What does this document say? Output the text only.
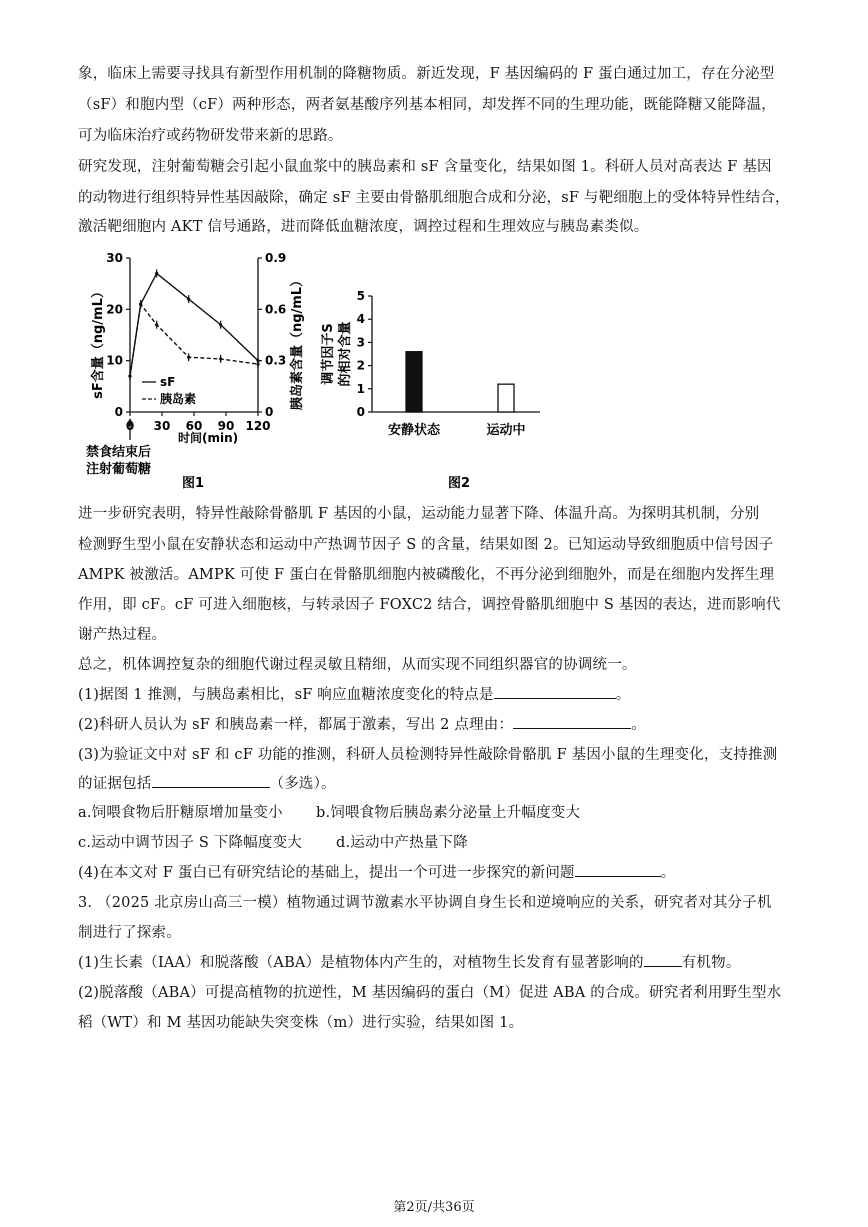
象，临床上需要寻找具有新型作用机制的降糖物质。新近发现，F 基因编码的 F 蛋白通过加工，存在分泌型
（sF）和胞内型（cF）两种形态，两者氨基酸序列基本相同，却发挥不同的生理功能，既能降糖又能降温，
可为临床治疗或药物研发带来新的思路。
研究发现，注射葡萄糖会引起小鼠血浆中的胰岛素和 sF 含量变化，结果如图 1。科研人员对高表达 F 基因
的动物进行组织特异性基因敲除，确定 sF 主要由骨骼肌细胞合成和分泌，sF 与靶细胞上的受体特异性结合，
激活靶细胞内 AKT 信号通路，进而降低血糖浓度，调控过程和生理效应与胰岛素类似。
0
10
20
30
0
0.3
0.6
0.9
30 60 90 120
sF含量（ng/mL）	胰岛素含量（ng/mL）
sF
胰岛素
时间(min)
禁食结束后
注射葡萄糖
图1
0
1
2
3
4
5
安静状态	运动中
调节因子S 的相对含量
图2
进一步研究表明，特异性敲除骨骼肌 F 基因的小鼠，运动能力显著下降、体温升高。为探明其机制，分别
检测野生型小鼠在安静状态和运动中产热调节因子 S 的含量，结果如图 2。已知运动导致细胞质中信号因子
AMPK 被激活。AMPK 可使 F 蛋白在骨骼肌细胞内被磷酸化，不再分泌到细胞外，而是在细胞内发挥生理
作用，即 cF。cF 可进入细胞核，与转录因子 FOXC2 结合，调控骨骼肌细胞中 S 基因的表达，进而影响代
谢产热过程。
总之，机体调控复杂的细胞代谢过程灵敏且精细，从而实现不同组织器官的协调统一。
(1)据图 1 推测，与胰岛素相比，sF 响应血糖浓度变化的特点是	。
(2)科研人员认为 sF 和胰岛素一样，都属于激素，写出 2 点理由：	。
(3)为验证文中对 sF 和 cF 功能的推测，科研人员检测特异性敲除骨骼肌 F 基因小鼠的生理变化，支持推测
的证据包括	（多选）。
a.饲喂食物后肝糖原增加量变小 b.饲喂食物后胰岛素分泌量上升幅度变大
c.运动中调节因子 S 下降幅度变大 d.运动中产热量下降
(4)在本文对 F 蛋白已有研究结论的基础上，提出一个可进一步探究的新问题	。
3. （2025 北京房山高三一模）植物通过调节激素水平协调自身生长和逆境响应的关系，研究者对其分子机
制进行了探索。
(1)生长素（IAA）和脱落酸（ABA）是植物体内产生的，对植物生长发育有显著影响的	有机物。
(2)脱落酸（ABA）可提高植物的抗逆性，M 基因编码的蛋白（M）促进 ABA 的合成。研究者利用野生型水
稻（WT）和 M 基因功能缺失突变株（m）进行实验，结果如图 1。
第2页/共36页
